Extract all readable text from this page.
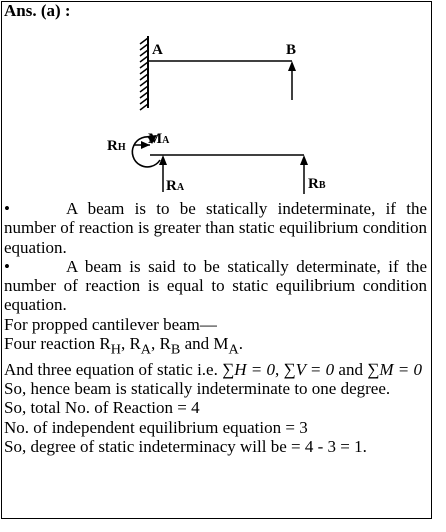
Ans. (a) :
A	B
RH
MA
RA	RB

•	A beam is to be statically indeterminate, if the number of reaction is greater than static equilibrium condition equation.

•	A beam is said to be statically determinate, if the number of reaction is equal to static equilibrium condition equation.

For propped cantilever beam—

Four reaction $R_H$, $R_A$, $R_B$ and $M_A$.

And three equation of static i.e. ∑H = 0, ∑V = 0 and ∑M = 0

So, hence beam is statically indeterminate to one degree.

So, total No. of Reaction = 4

No. of independent equilibrium equation = 3

So, degree of static indeterminacy will be = 4 - 3 = 1.
